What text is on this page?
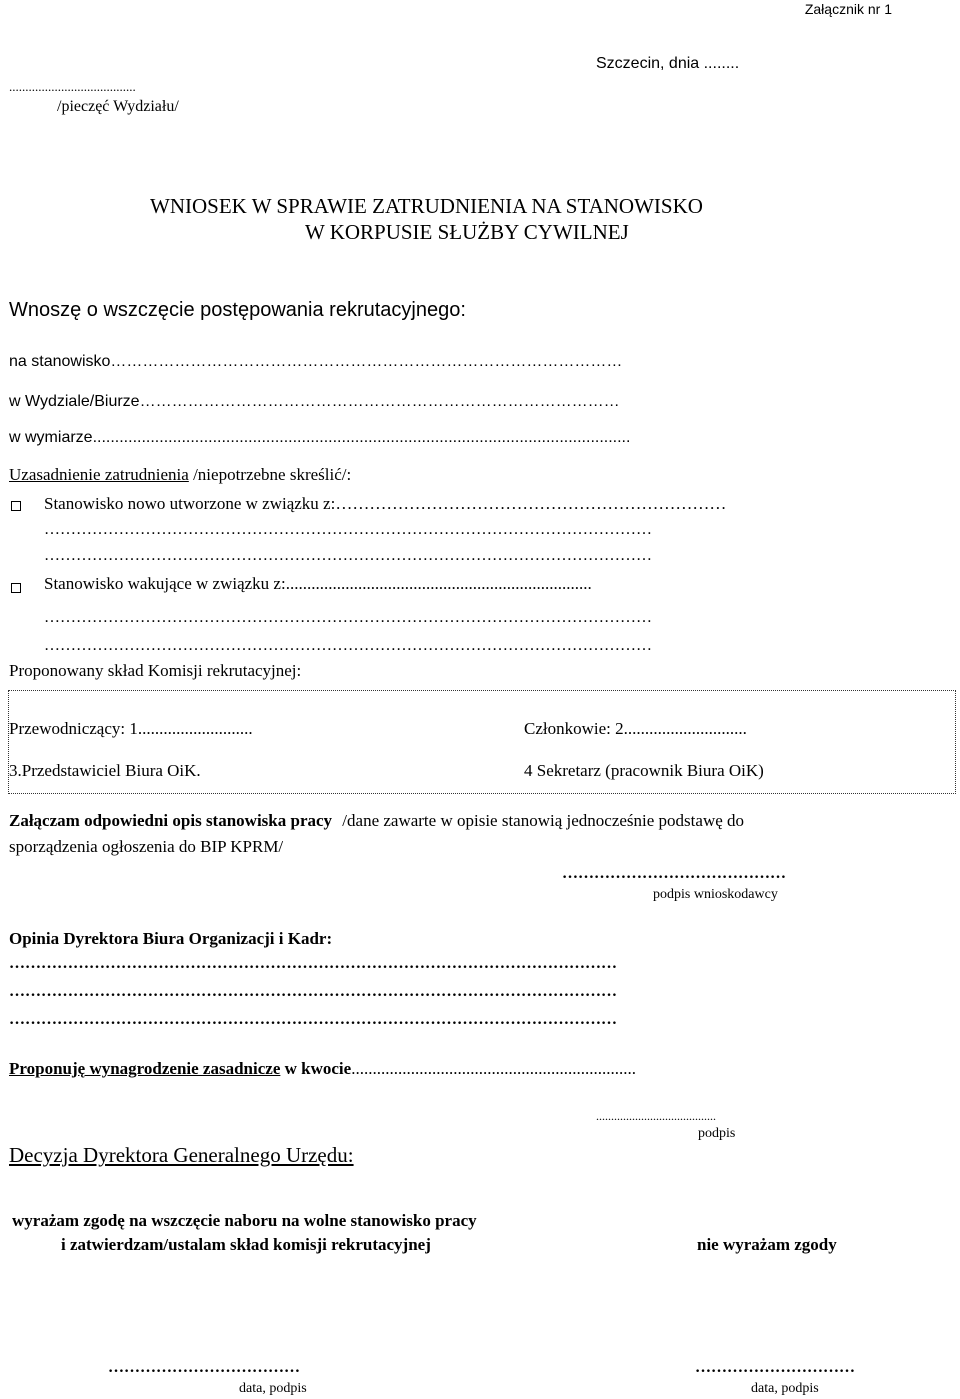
Załącznik nr 1
Szczecin, dnia ........
.......................................
/pieczęć Wydziału/
WNIOSEK W SPRAWIE ZATRUDNIENIA NA STANOWISKO
W KORPUSIE SŁUŻBY CYWILNEJ
Wnoszę o wszczęcie postępowania rekrutacyjnego:
na stanowisko……………………………………………………………………………………
w Wydziale/Biurze………………………………………………………………………………
w wymiarze.........................................................................................................................
Uzasadnienie zatrudnienia /niepotrzebne skreślić/:
Stanowisko nowo utworzone w związku z:……………………………………………………………
……………………………………………………………………………………………………
……………………………………………………………………………………………………
Stanowisko wakujące w związku z:........................................................................
……………………………………………………………………………………………………
……………………………………………………………………………………………………
Proponowany skład Komisji rekrutacyjnej:
Przewodniczący: 1...........................	Członkowie: 2.............................
3.Przedstawiciel Biura OiK.	4 Sekretarz (pracownik Biura OiK)
Załączam odpowiedni opis stanowiska pracy /dane zawarte w opisie stanowią jednocześnie podstawę do
sporządzenia ogłoszenia do BIP KPRM/
……………………………………
podpis wnioskodawcy
Opinia Dyrektora Biura Organizacji i Kadr:
……………………………………………………………………………………………………
……………………………………………………………………………………………………
……………………………………………………………………………………………………
Proponuję wynagrodzenie zasadnicze w kwocie...................................................................
........................................
podpis
Decyzja Dyrektora Generalnego Urzędu:
wyrażam zgodę na wszczęcie naboru na wolne stanowisko pracy
i zatwierdzam/ustalam skład komisji rekrutacyjnej	nie wyrażam zgody
………………………………
data, podpis
…………………………
data, podpis
